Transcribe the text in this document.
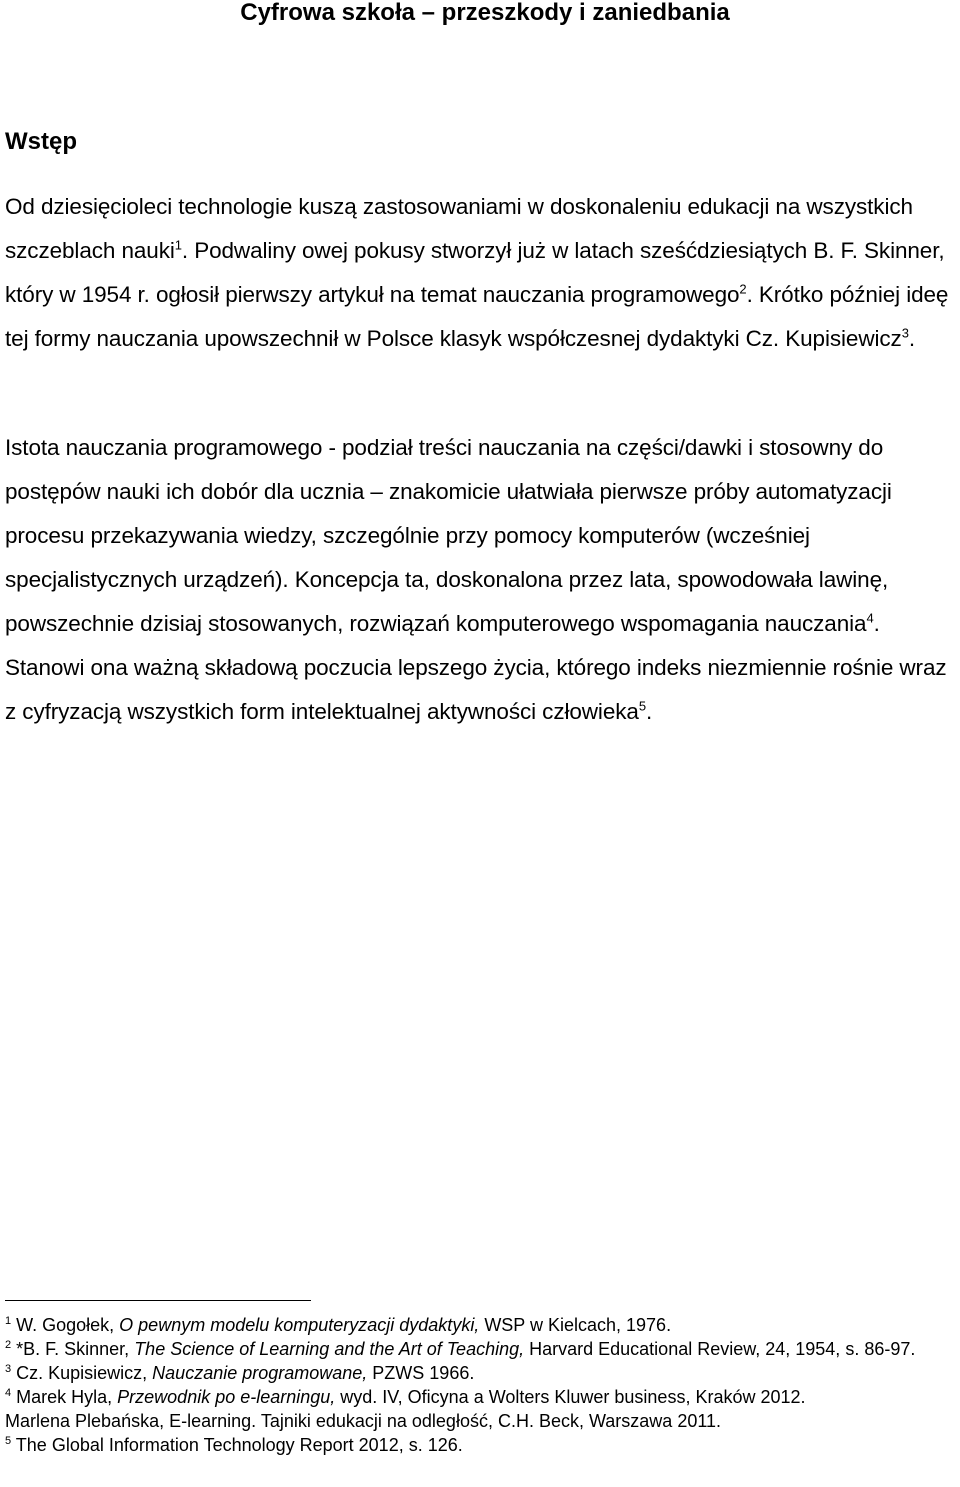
Cyfrowa szkoła – przeszkody i zaniedbania
Wstęp

Od dziesięcioleci technologie kuszą zastosowaniami w doskonaleniu edukacji na wszystkich szczeblach nauki$^1$. Podwaliny owej pokusy stworzył już w latach sześćdziesiątych B. F. Skinner, który w 1954 r. ogłosił pierwszy artykuł na temat nauczania programowego$^2$. Krótko później ideę tej formy nauczania upowszechnił w Polsce klasyk współczesnej dydaktyki Cz. Kupisiewicz$^3$.

Istota nauczania programowego - podział treści nauczania na części/dawki i stosowny do postępów nauki ich dobór dla ucznia – znakomicie ułatwiała pierwsze próby automatyzacji procesu przekazywania wiedzy, szczególnie przy pomocy komputerów (wcześniej specjalistycznych urządzeń). Koncepcja ta, doskonalona przez lata, spowodowała lawinę, powszechnie dzisiaj stosowanych, rozwiązań komputerowego wspomagania nauczania$^4$. Stanowi ona ważną składową poczucia lepszego życia, którego indeks niezmiennie rośnie wraz z cyfryzacją wszystkich form intelektualnej aktywności człowieka$^5$.

$^1$ W. Gogołek, O pewnym modelu komputeryzacji dydaktyki, WSP w Kielcach, 1976.

$^2$ *B. F. Skinner, The Science of Learning and the Art of Teaching, Harvard Educational Review, 24, 1954, s. 86-97.

$^3$ Cz. Kupisiewicz, Nauczanie programowane, PZWS 1966.

$^4$ Marek Hyla, Przewodnik po e-learningu, wyd. IV, Oficyna a Wolters Kluwer business, Kraków 2012.

Marlena Plebańska, E-learning. Tajniki edukacji na odległość, C.H. Beck, Warszawa 2011.

$^5$ The Global Information Technology Report 2012, s. 126.
